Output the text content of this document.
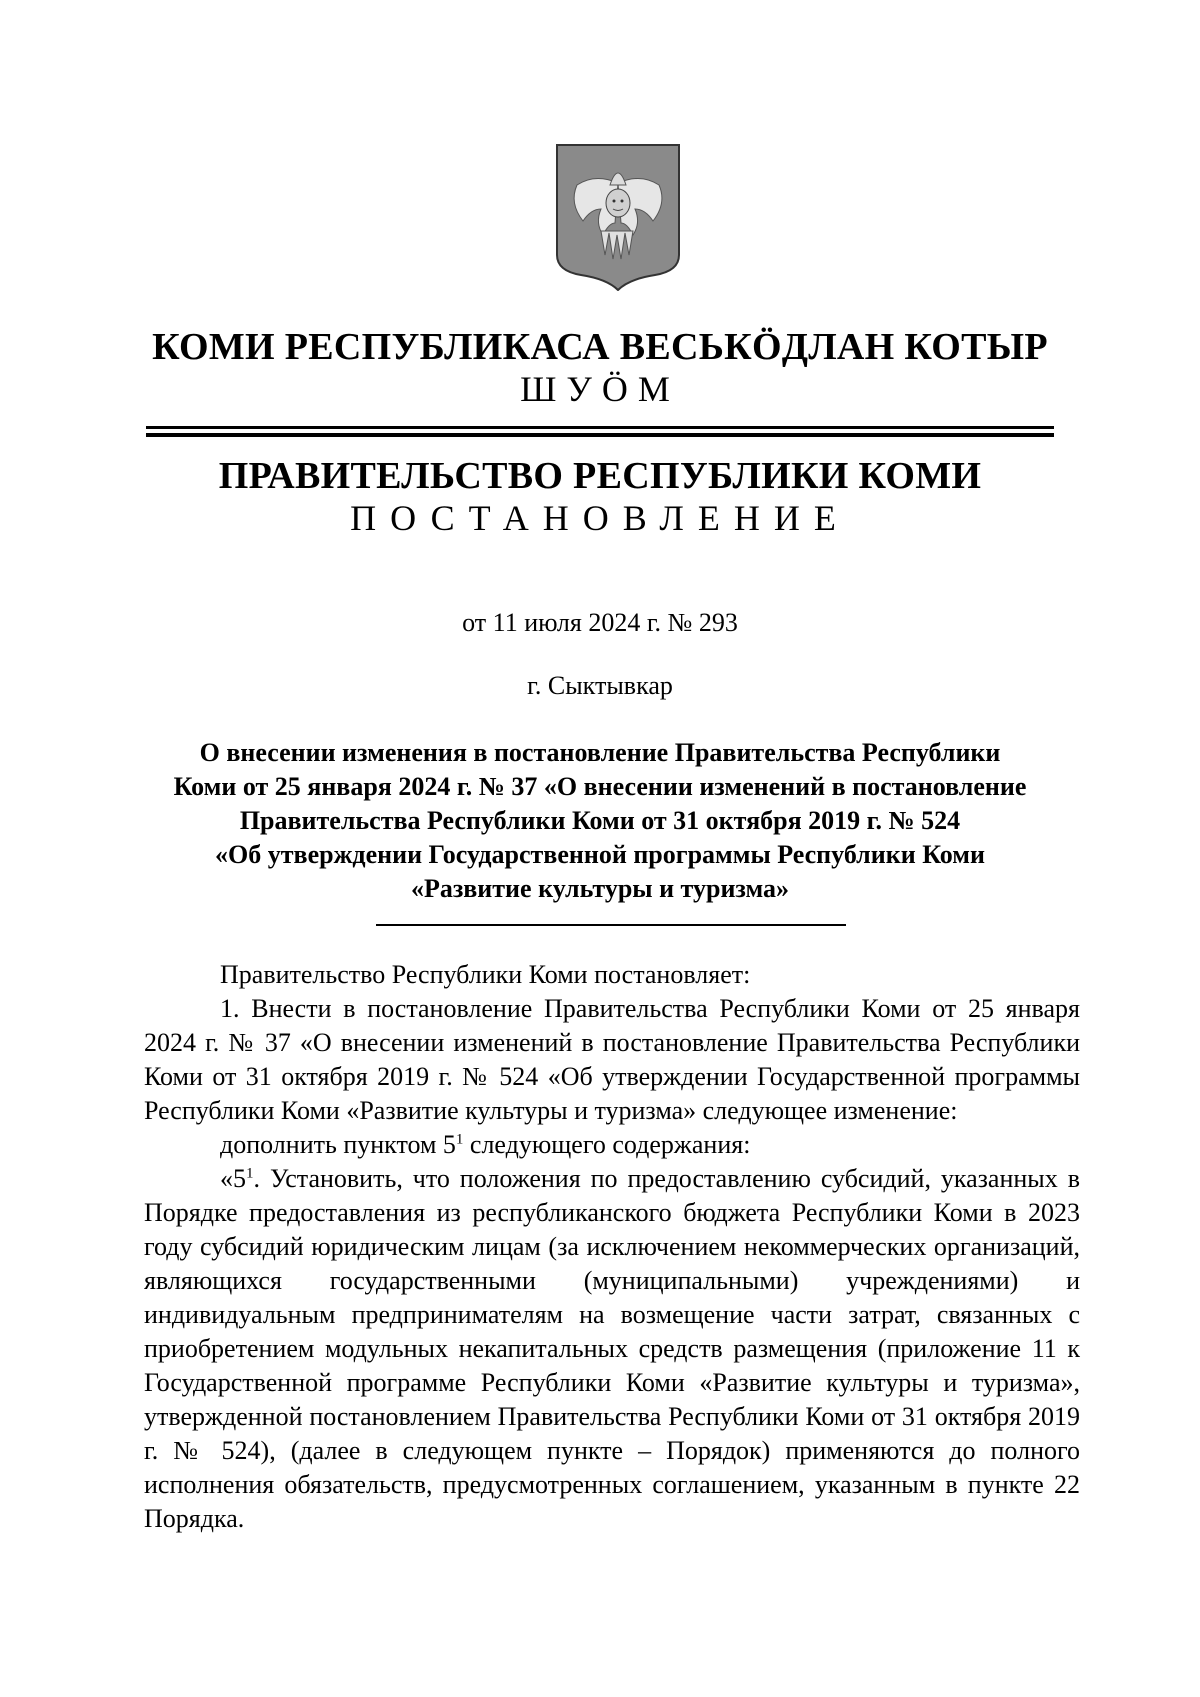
КОМИ РЕСПУБЛИКАСА ВЕСЬКӦДЛАН КОТЫР
ШУӦМ
ПРАВИТЕЛЬСТВО РЕСПУБЛИКИ КОМИ
ПОСТАНОВЛЕНИЕ
от 11 июля 2024 г. № 293
г. Сыктывкар
О внесении изменения в постановление Правительства Республики
Коми от 25 января 2024 г. № 37 «О внесении изменений в постановление
Правительства Республики Коми от 31 октября 2019 г. № 524
«Об утверждении Государственной программы Республики Коми
«Развитие культуры и туризма»

Правительство Республики Коми постановляет:

1. Внести в постановление Правительства Республики Коми от 25 января 2024 г. № 37 «О внесении изменений в постановление Правительства Республики Коми от 31 октября 2019 г. № 524 «Об утверждении Государственной программы Республики Коми «Развитие культуры и туризма» следующее изменение:

дополнить пунктом $5^1$ следующего содержания:

«$5^1$. Установить, что положения по предоставлению субсидий, указанных в Порядке предоставления из республиканского бюджета Республики Коми в 2023 году субсидий юридическим лицам (за исключением некоммерческих организаций, являющихся государственными (муниципальными) учреждениями) и индивидуальным предпринимателям на возмещение части затрат, связанных с приобретением модульных некапитальных средств размещения (приложение 11 к Государственной программе Республики Коми «Развитие культуры и туризма», утвержденной постановлением Правительства Республики Коми от 31 октября 2019 г. № 524), (далее в следующем пункте – Порядок) применяются до полного исполнения обязательств, предусмотренных соглашением, указанным в пункте 22 Порядка.
